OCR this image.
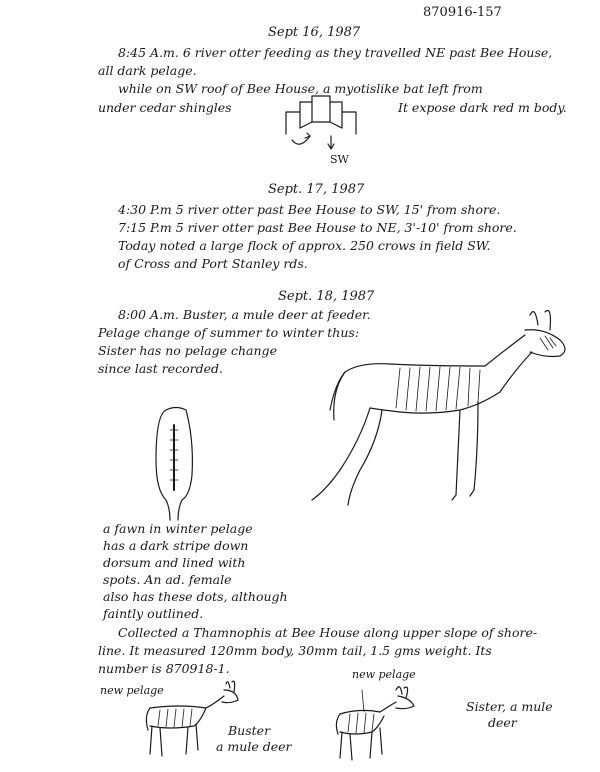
870916-157
Sept 16, 1987
8:45 A.m. 6 river otter feeding as they travelled NE past Bee House,
all dark pelage.
while on SW roof of Bee House, a myotislike bat left from
under cedar shingles	It expose dark red m body.
SW
Sept. 17, 1987
4:30 P.m 5 river otter past Bee House to SW, 15' from shore.
7:15 P.m 5 river otter past Bee House to NE, 3'-10' from shore.
Today noted a large flock of approx. 250 crows in field SW.
of Cross and Port Stanley rds.
Sept. 18, 1987
8:00 A.m. Buster, a mule deer at feeder.
Pelage change of summer to winter thus:
Sister has no pelage change
since last recorded.
a fawn in winter pelage
has a dark stripe down
dorsum and lined with
spots. An ad. female
also has these dots, although
faintly outlined.
Collected a Thamnophis at Bee House along upper slope of shore-
line. It measured 120mm body, 30mm tail, 1.5 gms weight. Its
number is 870918-1.
new pelage
Buster
a mule deer
new pelage
Sister, a mule
deer
